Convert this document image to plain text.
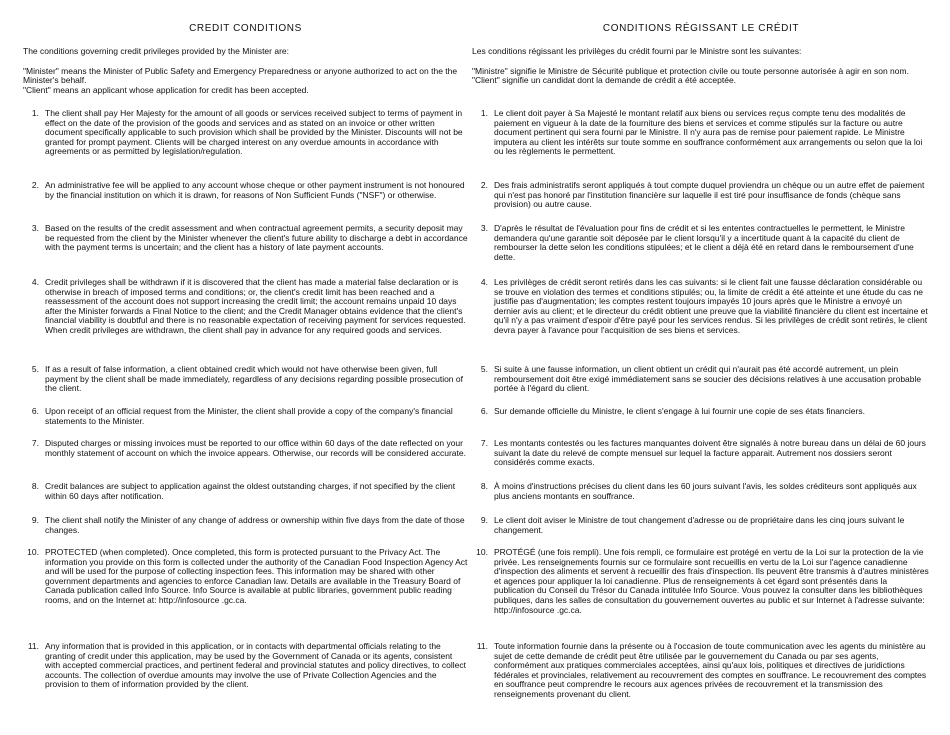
CREDIT CONDITIONS
The conditions governing credit privileges provided by the Minister are:
"Minister" means the Minister of Public Safety and Emergency Preparedness or anyone authorized to act on the the Minister's behalf.
"Client" means an applicant whose application for credit has been accepted.
1. The client shall pay Her Majesty for the amount of all goods or services received subject to terms of payment in effect on the date of the provision of the goods and services and as stated on an invoice or other written document specifically applicable to such provision which shall be provided by the Minister. Discounts will not be granted for prompt payment. Clients will be charged interest on any overdue amounts in accordance with agreements or as permitted by legislation/regulation.
2. An administrative fee will be applied to any account whose cheque or other payment instrument is not honoured by the financial institution on which it is drawn, for reasons of Non Sufficient Funds ("NSF") or otherwise.
3. Based on the results of the credit assessment and when contractual agreement permits, a security deposit may be requested from the client by the Minister whenever the client's future ability to discharge a debt in accordance with the payment terms is uncertain; and the client has a history of late payment accounts.
4. Credit privileges shall be withdrawn if it is discovered that the client has made a material false declaration or is otherwise in breach of imposed terms and conditions; or, the client's credit limit has been reached and a reassessment of the account does not support increasing the credit limit; the account remains unpaid 10 days after the Minister forwards a Final Notice to the client; and the Credit Manager obtains evidence that the client's financial viability is doubtful and there is no reasonable expectation of receiving payment for services requested. When credit privileges are withdrawn, the client shall pay in advance for any required goods and services.
5. If as a result of false information, a client obtained credit which would not have otherwise been given, full payment by the client shall be made immediately, regardless of any decisions regarding possible prosecution of the client.
6. Upon receipt of an official request from the Minister, the client shall provide a copy of the company's financial statements to the Minister.
7. Disputed charges or missing invoices must be reported to our office within 60 days of the date reflected on your monthly statement of account on which the invoice appears. Otherwise, our records will be considered accurate.
8. Credit balances are subject to application against the oldest outstanding charges, if not specified by the client within 60 days after notification.
9. The client shall notify the Minister of any change of address or ownership within five days from the date of those changes.
10. PROTECTED (when completed). Once completed, this form is protected pursuant to the Privacy Act. The information you provide on this form is collected under the authority of the Canadian Food Inspection Agency Act and will be used for the purpose of collecting inspection fees. This information may be shared with other government departments and agencies to enforce Canadian law. Details are available in the Treasury Board of Canada publication called Info Source. Info Source is available at public libraries, government public reading rooms, and on the Internet at: http://infosource .gc.ca.
11. Any information that is provided in this application, or in contacts with departmental officials relating to the granting of credit under this application, may be used by the Government of Canada or its agents, consistent with accepted commercial practices, and pertinent federal and provincial statutes and policy directives, to collect accounts. The collection of overdue amounts may involve the use of Private Collection Agencies and the provision to them of information provided by the client.
CONDITIONS RÉGISSANT LE CRÉDIT
Les conditions régissant les privilèges du crédit fourni par le Ministre sont les suivantes:
"Ministre" signifie le Ministre de Sécurité publique et protection civile ou toute personne autorisée à agir en son nom.
"Client" signifie un candidat dont la demande de crédit a été acceptée.
1. Le client doit payer à Sa Majesté le montant relatif aux biens ou services reçus compte tenu des modalités de paiement en vigueur à la date de la fourniture des biens et services et comme stipulés sur la facture ou autre document pertinent qui sera fourni par le Ministre. Il n'y aura pas de remise pour paiement rapide. Le Ministre imputera au client les intérêts sur toute somme en souffrance conformément aux arrangements ou selon que la loi ou les règlements le permettent.
2. Des frais administratifs seront appliqués à tout compte duquel proviendra un chèque ou un autre effet de paiement qui n'est pas honoré par l'institution financière sur laquelle il est tiré pour insuffisance de fonds (chèque sans provision) ou autre cause.
3. D'après le résultat de l'évaluation pour fins de crédit et si les ententes contractuelles le permettent, le Ministre demandera qu'une garantie soit déposée par le client lorsqu'il y a incertitude quant à la capacité du client de rembourser la dette selon les conditions stipulées; et le client a déjà été en retard dans le remboursement d'une dette.
4. Les privilèges de crédit seront retirés dans les cas suivants: si le client fait une fausse déclaration considérable ou se trouve en violation des termes et conditions stipulés; ou, la limite de crédit a été atteinte et une étude du cas ne justifie pas d'augmentation; les comptes restent toujours impayés 10 jours après que le Ministre a envoyé un dernier avis au client; et le directeur du crédit obtient une preuve que la viabilité financière du client est incertaine et qu'il n'y a pas vraiment d'espoir d'être payé pour les services rendus. Si les privilèges de crédit sont retirés, le client devra payer à l'avance pour l'acquisition de ses biens et services.
5. Si suite à une fausse information, un client obtient un crédit qui n'aurait pas été accordé autrement, un plein remboursement doit être exigé immédiatement sans se soucier des décisions relatives à une accusation probable portée à l'égard du client.
6. Sur demande officielle du Ministre, le client s'engage à lui fournir une copie de ses états financiers.
7. Les montants contestés ou les factures manquantes doivent être signalés à notre bureau dans un délai de 60 jours suivant la date du relevé de compte mensuel sur lequel la facture apparait. Autrement nos dossiers seront considérés comme exacts.
8. À moins d'instructions précises du client dans les 60 jours suivant l'avis, les soldes créditeurs sont appliqués aux plus anciens montants en souffrance.
9. Le client doit aviser le Ministre de tout changement d'adresse ou de propriétaire dans les cinq jours suivant le changement.
10. PROTÉGÉ (une fois rempli). Une fois rempli, ce formulaire est protégé en vertu de la Loi sur la protection de la vie privée. Les renseignements fournis sur ce formulaire sont recueillis en vertu de la Loi sur l'agence canadienne d'inspection des aliments et servent à recueillir des frais d'inspection. Ils peuvent être transmis à d'autres ministères et agences pour appliquer la loi canadienne. Plus de renseignements à cet égard sont présentés dans la publication du Conseil du Trésor du Canada intitulée Info Source. Vous pouvez la consulter dans les bibliothèques publiques, dans les salles de consultation du gouvernement ouvertes au public et sur Internet à l'adresse suivante: http://infosource .gc.ca.
11. Toute information fournie dans la présente ou à l'occasion de toute communication avec les agents du ministère au sujet de cette demande de crédit peut être utilisée par le gouvernement du Canada ou par ses agents, conformément aux pratiques commerciales acceptées, ainsi qu'aux lois, politiques et directives de juridictions fédérales et provinciales, relativement au recouvrement des comptes en souffrance. Le recouvrement des comptes en souffrance peut comprendre le recours aux agences privées de recouvrement et la transmission des renseignements provenant du client.
